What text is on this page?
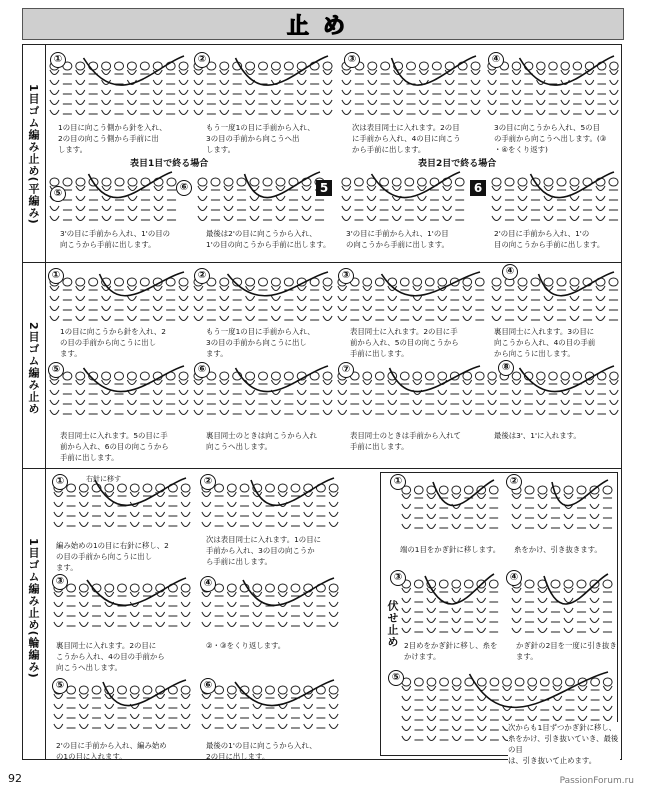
止め
1目ゴム編み止め(平編み)
2目ゴム編み止め
1目ゴム編み止め(輪編み)	伏せ止め
①	②	③	④
1の目に向こう側から針を入れ、
2の目の向こう側から手前に出
します。
もう一度1の目に手前から入れ、
3の目の手前から向こうへ出
します。
次は表目同士に入れます。2の目
に手前から入れ、4の目に向こう
から手前に出します。
3の目に向こうから入れ、5の目
の手前から向こうへ出します。(③
・④をくり返す)
表目1目で終る場合	表目2目で終る場合
⑤
⑥	5	6
3'の目に手前から入れ、1'の目の
向こうから手前に出します。
最後は2'の目に向こうから入れ、
1'の目の向こうから手前に出します。
3'の目に手前から入れ、1'の目
の向こうから手前に出します。
2'の目に手前から入れ、1'の
目の向こうから手前に出します。
①	②	③	④
1の目に向こうから針を入れ、2
の目の手前から向こうに出し
ます。
もう一度1の目に手前から入れ、
3の目の手前から向こうに出し
ます。
表目同士に入れます。2の目に手
前から入れ、5の目の向こうから
手前に出します。
裏目同士に入れます。3の目に
向こうから入れ、4の目の手前
から向こうに出します。
⑤	⑥	⑦	⑧
表目同士に入れます。5の目に手
前から入れ、6の目の向こうから
手前に出します。
裏目同士のときは向こうから入れ
向こうへ出します。
表目同士のときは手前から入れて
手前に出します。
最後は3'、1'に入れます。
①	右針に移す	②
③	④
⑤	⑥
編み始めの1の目に右針に移し、2
の目の手前から向こうに出し
ます。
次は表目同士に入れます。1の目に
手前から入れ、3の目の向こうか
ら手前に出します。
裏目同士に入れます。2の目に
こうから入れ、4の目の手前から
向こうへ出します。
②・③をくり返します。
2'の目に手前から入れ、編み始め
の1の目に入れます。
最後の1'の目に向こうから入れ、
2の目に出します。
①	②
③	④
⑤
端の1目をかぎ針に移します。	糸をかけ、引き抜きます。
2目めをかぎ針に移し、糸を
かけます。
かぎ針の2目を一度に引き抜き
ます。
次からも1目ずつかぎ針に移し、
糸をかけ、引き抜いていき、最後の目
は、引き抜いて止めます。
92	PassionForum.ru
